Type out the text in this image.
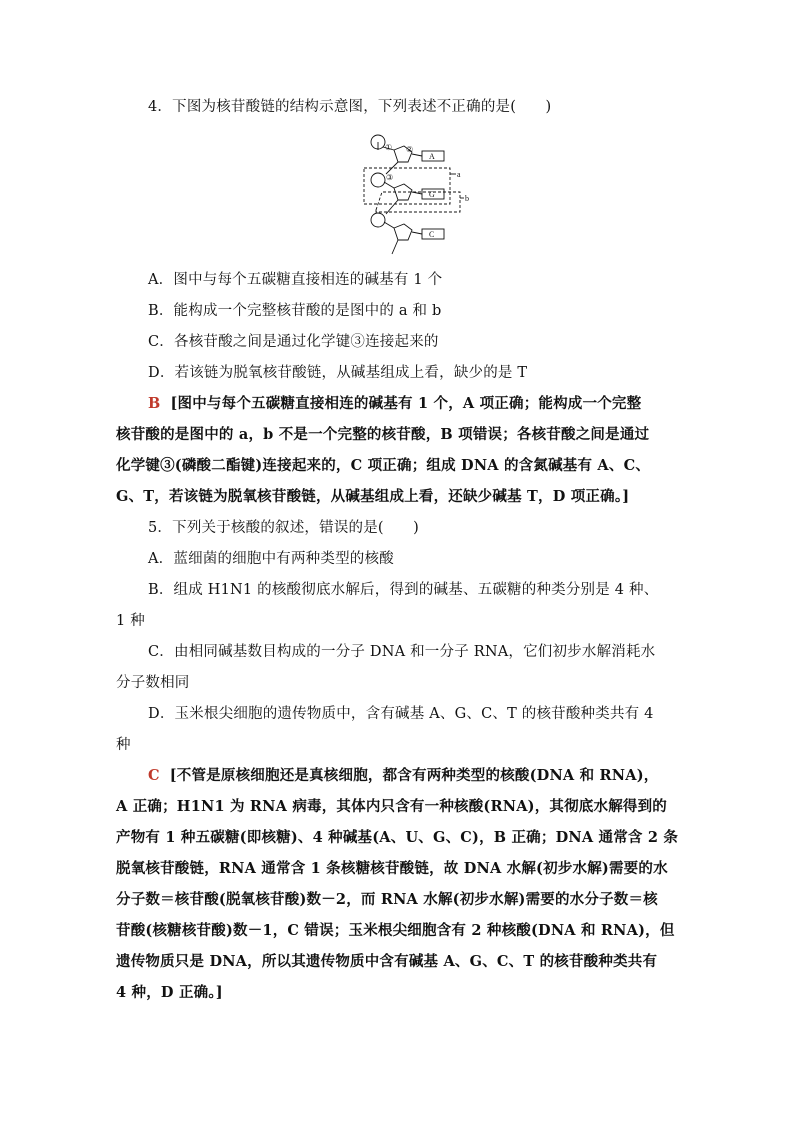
4．下图为核苷酸链的结构示意图，下列表述不正确的是(　　)
① ②
③
A
G
C
a
b
A．图中与每个五碳糖直接相连的碱基有 1 个
B．能构成一个完整核苷酸的是图中的 a 和 b
C．各核苷酸之间是通过化学键③连接起来的
D．若该链为脱氧核苷酸链，从碱基组成上看，缺少的是 T
B [图中与每个五碳糖直接相连的碱基有 1 个，A 项正确；能构成一个完整
核苷酸的是图中的 a，b 不是一个完整的核苷酸，B 项错误；各核苷酸之间是通过
化学键③(磷酸二酯键)连接起来的，C 项正确；组成 DNA 的含氮碱基有 A、C、
G、T，若该链为脱氧核苷酸链，从碱基组成上看，还缺少碱基 T，D 项正确。]
5．下列关于核酸的叙述，错误的是(　　)
A．蓝细菌的细胞中有两种类型的核酸
B．组成 H1N1 的核酸彻底水解后，得到的碱基、五碳糖的种类分别是 4 种、
1 种
C．由相同碱基数目构成的一分子 DNA 和一分子 RNA，它们初步水解消耗水
分子数相同
D．玉米根尖细胞的遗传物质中，含有碱基 A、G、C、T 的核苷酸种类共有 4
种
C [不管是原核细胞还是真核细胞，都含有两种类型的核酸(DNA 和 RNA)，
A 正确；H1N1 为 RNA 病毒，其体内只含有一种核酸(RNA)，其彻底水解得到的
产物有 1 种五碳糖(即核糖)、4 种碱基(A、U、G、C)，B 正确；DNA 通常含 2 条
脱氧核苷酸链，RNA 通常含 1 条核糖核苷酸链，故 DNA 水解(初步水解)需要的水
分子数＝核苷酸(脱氧核苷酸)数－2，而 RNA 水解(初步水解)需要的水分子数＝核
苷酸(核糖核苷酸)数－1，C 错误；玉米根尖细胞含有 2 种核酸(DNA 和 RNA)，但
遗传物质只是 DNA，所以其遗传物质中含有碱基 A、G、C、T 的核苷酸种类共有
4 种，D 正确。]
